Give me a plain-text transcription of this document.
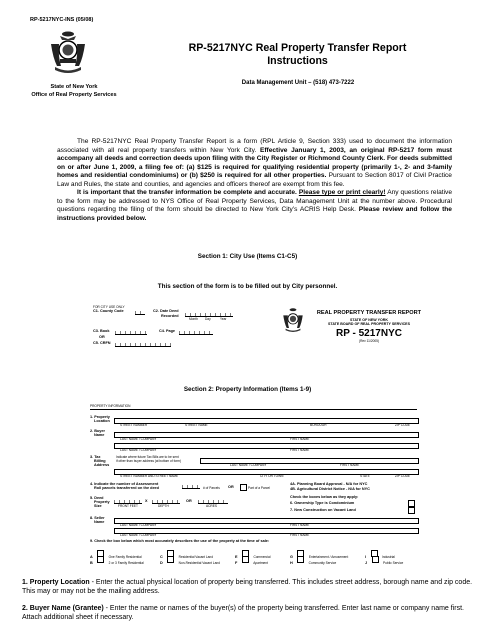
RP-5217NYC-INS (05/08)
State of New York
Office of Real Property Services
RP-5217NYC Real Property Transfer Report
Instructions
Data Management Unit – (518) 473-7222

The RP-5217NYC Real Property Transfer Report is a form (RPL Article 9, Section 333) used to document the information associated with all real property transfers within New York City. Effective January 1, 2003, an original RP-5217 form must accompany all deeds and correction deeds upon filing with the City Register or Richmond County Clerk. For deeds submitted on or after June 1, 2009, a filing fee of: (a) $125 is required for qualifying residential property (primarily 1-, 2- and 3-family homes and residential condominiums) or (b) $250 is required for all other properties. Pursuant to Section 8017 of Civil Practice Law and Rules, the state and counties, and agencies and officers thereof are exempt from this fee.

It is important that the transfer information be complete and accurate. Please type or print clearly! Any questions relative to the form may be addressed to NYS Office of Real Property Services, Data Management Unit at the number above. Procedural questions regarding the filing of the form should be directed to New York City’s ACRIS Help Desk. Please review and follow the instructions provided below.

Section 1: City Use (Items C1-C5)
This section of the form is to be filled out by City personnel.
FOR CITY USE ONLY
C1. County Code	C2. Date Deed
Recorded
Month Day	Year
C3. Book
OR
C5. CRFN
C4. Page
REAL PROPERTY TRANSFER REPORT
STATE OF NEW YORK
STATE BOARD OF REAL PROPERTY SERVICES
RP - 5217NYC
(Rev 11/2005)
Section 2: Property Information (Items 1-9)
PROPERTY INFORMATION
1. Property
Location
STREET NUMBER	STREET NAME	BOROUGH	ZIP CODE
2. Buyer
Name
LAST NAME / COMPANY	FIRST NAME
LAST NAME / COMPANY	FIRST NAME
3. Tax
Billing
Address
Indicate where future Tax Bills are to be sent
if other than buyer address (at bottom of form)
LAST NAME / COMPANY	FIRST NAME
STREET NUMBER AND STREET NAME	CITY OR TOWN	STATE	ZIP CODE
4. Indicate the number of Assessment
Roll parcels transferred on the deed	# of Parcels OR	Part of a Parcel
4A. Planning Board Approval - N/A for NYC
4B. Agricultural District Notice - N/A for NYC
5. Deed
Property
Size
X	OR
FRONT FEET	DEPTH	ACRES
Check the boxes below as they apply:
6. Ownership Type is Condominium
7. New Construction on Vacant Land
8. Seller
Name
LAST NAME / COMPANY	FIRST NAME
LAST NAME / COMPANY	FIRST NAME
9. Check the box below which most accurately describes the use of the property at the time of sale:
A	One Family Residential
B	2 or 3 Family Residential
C	Residential Vacant Land
D	Non-Residential Vacant Land
E	Commercial
F	Apartment
G	Entertainment / Amusement
H	Community Service
I	Industrial
J	Public Service
1. Property Location - Enter the actual physical location of property being transferred. This includes street address, borough name and zip code. This may or may not be the mailing address.
2. Buyer Name (Grantee) - Enter the name or names of the buyer(s) of the property being transferred. Enter last name or company name first. Attach additional sheet if necessary.
